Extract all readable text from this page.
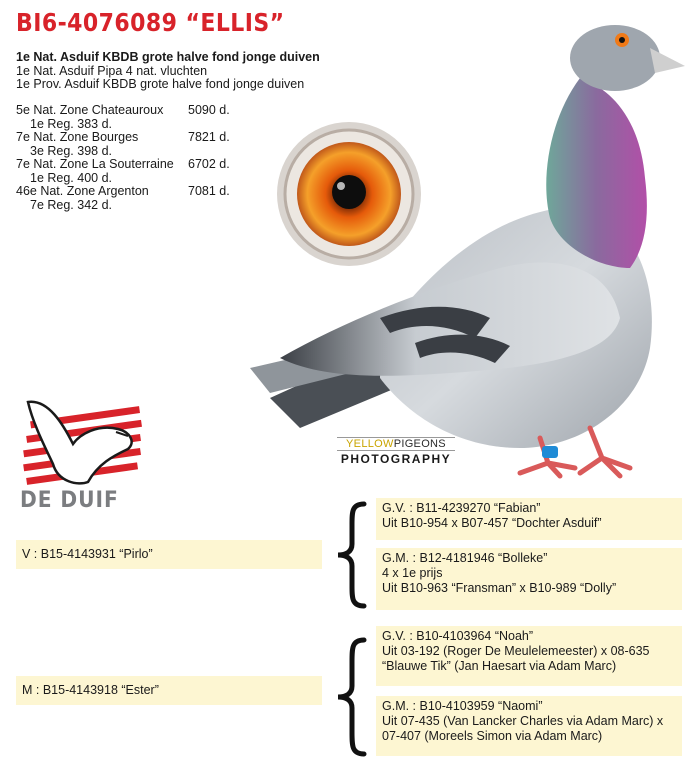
BI6-4076089 “ELLIS”
1e Nat. Asduif KBDB grote halve fond jonge duiven
1e Nat. Asduif Pipa 4 nat. vluchten
1e Prov. Asduif KBDB grote halve fond jonge duiven
5e Nat. Zone Chateauroux 5090 d.
1e Reg. 383 d.
7e Nat. Zone Bourges	7821 d.
3e Reg. 398 d.
7e Nat. Zone La Souterraine 6702 d.
1e Reg. 400 d.
46e Nat. Zone Argenton	7081 d.
7e Reg. 342 d.
YELLOWPIGEONS
PHOTOGRAPHY
DE DUIF
V : B15-4143931 “Pirlo”
G.V. : B11-4239270 “Fabian”
Uit B10-954 x B07-457 “Dochter Asduif”
G.M. : B12-4181946 “Bolleke”
4 x 1e prijs
Uit B10-963 “Fransman” x B10-989 “Dolly”
M : B15-4143918 “Ester”
G.V. : B10-4103964 “Noah”
Uit 03-192 (Roger De Meulelemeester) x 08-635
“Blauwe Tik” (Jan Haesart via Adam Marc)
G.M. : B10-4103959 “Naomi”
Uit 07-435 (Van Lancker Charles via Adam Marc) x
07-407 (Moreels Simon via Adam Marc)
